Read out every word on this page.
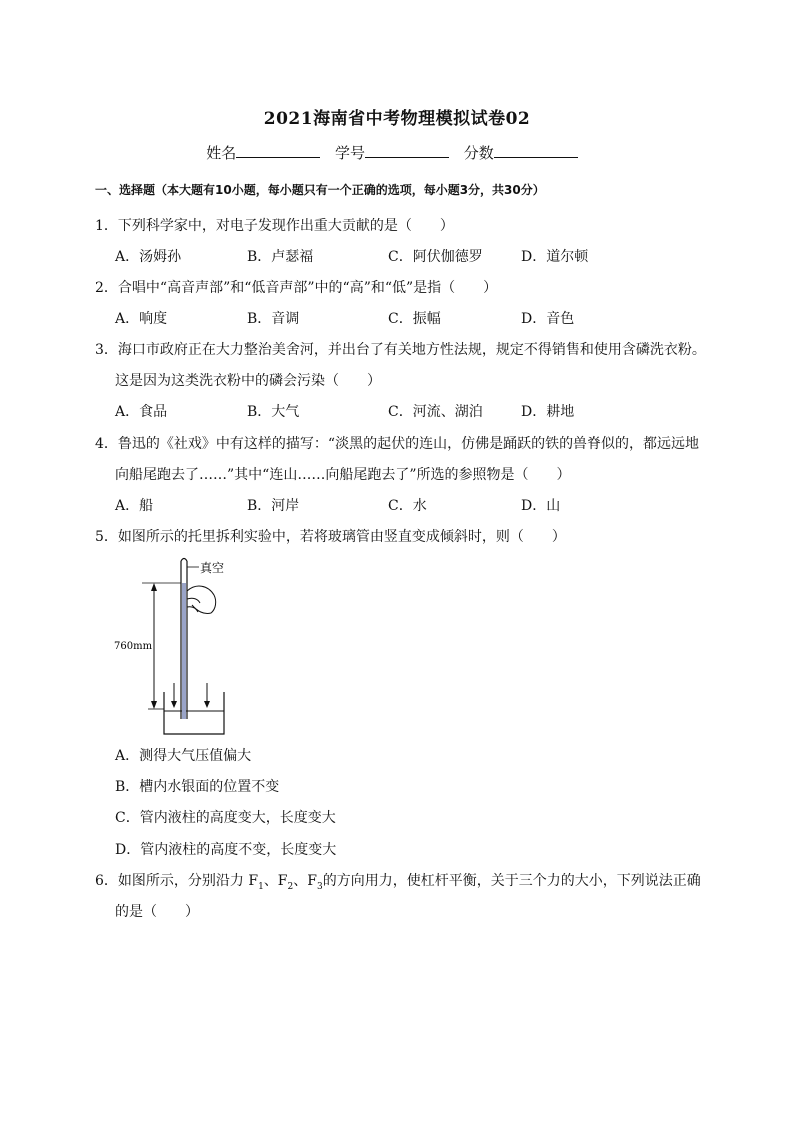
2021海南省中考物理模拟试卷02
姓名	学号	分数
一、选择题（本大题有10小题，每小题只有一个正确的选项，每小题3分，共30分）
1．下列科学家中，对电子发现作出重大贡献的是（　　）
A．汤姆孙	B．卢瑟福	C．阿伏伽德罗	D．道尔顿
2．合唱中“高音声部”和“低音声部”中的“高”和“低”是指（　　）
A．响度	B．音调	C．振幅	D．音色
3．海口市政府正在大力整治美舍河，并出台了有关地方性法规，规定不得销售和使用含磷洗衣粉。
这是因为这类洗衣粉中的磷会污染（　　）
A．食品	B．大气	C．河流、湖泊	D．耕地
4．鲁迅的《社戏》中有这样的描写：“淡黑的起伏的连山，仿佛是踊跃的铁的兽脊似的，都远远地
向船尾跑去了……”其中“连山……向船尾跑去了”所选的参照物是（　　）
A．船	B．河岸	C．水	D．山
5．如图所示的托里拆利实验中，若将玻璃管由竖直变成倾斜时，则（　　）
真空
760mm
A．测得大气压值偏大
B．槽内水银面的位置不变
C．管内液柱的高度变大，长度变大
D．管内液柱的高度不变，长度变大
6．如图所示，分别沿力 $F_1$、$F_2$、$F_3$的方向用力，使杠杆平衡，关于三个力的大小，下列说法正确
的是（　　）
